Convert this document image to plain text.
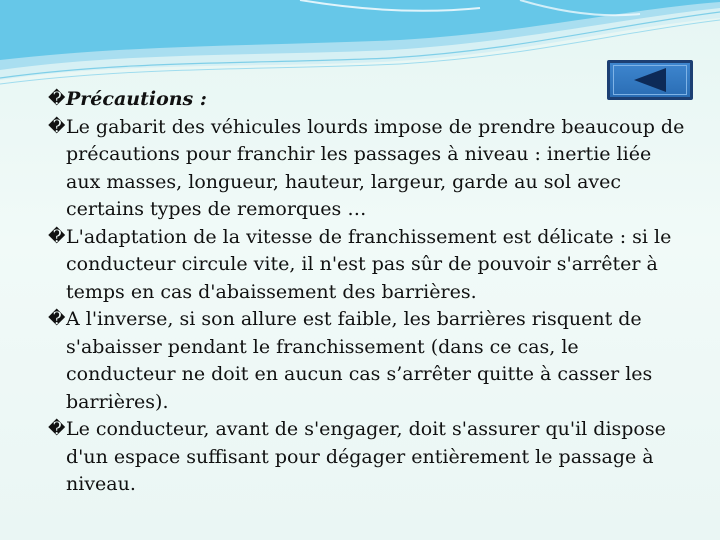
� Précautions :

� Le gabarit des véhicules lourds impose de prendre beaucoup de précautions pour franchir les passages à niveau : inertie liée aux masses, longueur, hauteur, largeur, garde au sol avec certains types de remorques …

� L'adaptation de la vitesse de franchissement est délicate : si le conducteur circule vite, il n'est pas sûr de pouvoir s'arrêter à temps en cas d'abaissement des barrières.

� A l'inverse, si son allure est faible, les barrières risquent de s'abaisser pendant le franchissement (dans ce cas, le conducteur ne doit en aucun cas s’arrêter quitte à casser les barrières).

� Le conducteur, avant de s'engager, doit s'assurer qu'il dispose d'un espace suffisant pour dégager entièrement le passage à niveau.
